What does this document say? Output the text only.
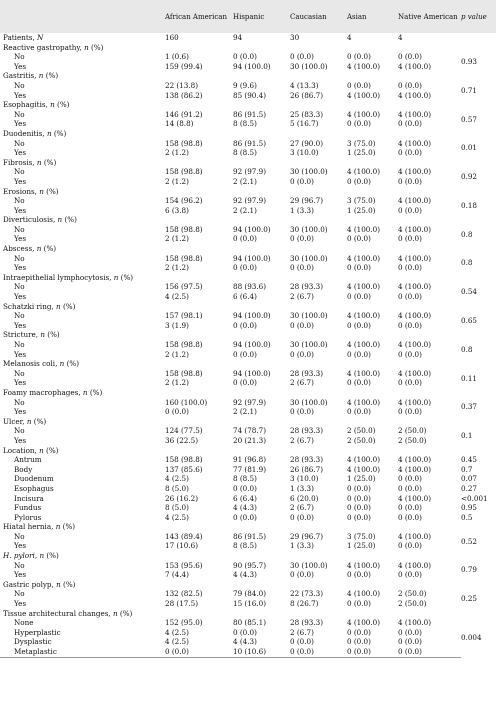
	African American	Hispanic	Caucasian	Asian	Native American	p value
Patients, N	160	94	30	4	4	
Reactive gastropathy, n (%)						
No	1 (0.6)	0 (0.0)	0 (0.0)	0 (0.0)	0 (0.0)	0.93
Yes	159 (99.4)	94 (100.0)	30 (100.0)	4 (100.0)	4 (100.0)	
Gastritis, n (%)						
No	22 (13.8)	9 (9.6)	4 (13.3)	0 (0.0)	0 (0.0)	0.71
Yes	138 (86.2)	85 (90.4)	26 (86.7)	4 (100.0)	4 (100.0)	
Esophagitis, n (%)						
No	146 (91.2)	86 (91.5)	25 (83.3)	4 (100.0)	4 (100.0)	0.57
Yes	14 (8.8)	8 (8.5)	5 (16.7)	0 (0.0)	0 (0.0)	
Duodenitis, n (%)						
No	158 (98.8)	86 (91.5)	27 (90.0)	3 (75.0)	4 (100.0)	0.01
Yes	2 (1.2)	8 (8.5)	3 (10.0)	1 (25.0)	0 (0.0)	
Fibrosis, n (%)						
No	158 (98.8)	92 (97.9)	30 (100.0)	4 (100.0)	4 (100.0)	0.92
Yes	2 (1.2)	2 (2.1)	0 (0.0)	0 (0.0)	0 (0.0)	
Erosions, n (%)						
No	154 (96.2)	92 (97.9)	29 (96.7)	3 (75.0)	4 (100.0)	0.18
Yes	6 (3.8)	2 (2.1)	1 (3.3)	1 (25.0)	0 (0.0)	
Diverticulosis, n (%)						
No	158 (98.8)	94 (100.0)	30 (100.0)	4 (100.0)	4 (100.0)	0.8
Yes	2 (1.2)	0 (0.0)	0 (0.0)	0 (0.0)	0 (0.0)	
Abscess, n (%)						
No	158 (98.8)	94 (100.0)	30 (100.0)	4 (100.0)	4 (100.0)	0.8
Yes	2 (1.2)	0 (0.0)	0 (0.0)	0 (0.0)	0 (0.0)	
Intraepithelial lymphocytosis, n (%)						
No	156 (97.5)	88 (93.6)	28 (93.3)	4 (100.0)	4 (100.0)	0.54
Yes	4 (2.5)	6 (6.4)	2 (6.7)	0 (0.0)	0 (0.0)	
Schatzki ring, n (%)						
No	157 (98.1)	94 (100.0)	30 (100.0)	4 (100.0)	4 (100.0)	0.65
Yes	3 (1.9)	0 (0.0)	0 (0.0)	0 (0.0)	0 (0.0)	
Stricture, n (%)						
No	158 (98.8)	94 (100.0)	30 (100.0)	4 (100.0)	4 (100.0)	0.8
Yes	2 (1.2)	0 (0.0)	0 (0.0)	0 (0.0)	0 (0.0)	
Melanosis coli, n (%)						
No	158 (98.8)	94 (100.0)	28 (93.3)	4 (100.0)	4 (100.0)	0.11
Yes	2 (1.2)	0 (0.0)	2 (6.7)	0 (0.0)	0 (0.0)	
Foamy macrophages, n (%)						
No	160 (100.0)	92 (97.9)	30 (100.0)	4 (100.0)	4 (100.0)	0.37
Yes	0 (0.0)	2 (2.1)	0 (0.0)	0 (0.0)	0 (0.0)	
Ulcer, n (%)						
No	124 (77.5)	74 (78.7)	28 (93.3)	2 (50.0)	2 (50.0)	0.1
Yes	36 (22.5)	20 (21.3)	2 (6.7)	2 (50.0)	2 (50.0)	
Location, n (%)						
Antrum	158 (98.8)	91 (96.8)	28 (93.3)	4 (100.0)	4 (100.0)	0.45
Body	137 (85.6)	77 (81.9)	26 (86.7)	4 (100.0)	4 (100.0)	0.7
Duodenum	4 (2.5)	8 (8.5)	3 (10.0)	1 (25.0)	0 (0.0)	0.07
Esophagus	8 (5.0)	0 (0.0)	1 (3.3)	0 (0.0)	0 (0.0)	0.27
Incisura	26 (16.2)	6 (6.4)	6 (20.0)	0 (0.0)	4 (100.0)	<0.001
Fundus	8 (5.0)	4 (4.3)	2 (6.7)	0 (0.0)	0 (0.0)	0.95
Pylorus	4 (2.5)	0 (0.0)	0 (0.0)	0 (0.0)	0 (0.0)	0.5
Hiatal hernia, n (%)						
No	143 (89.4)	86 (91.5)	29 (96.7)	3 (75.0)	4 (100.0)	0.52
Yes	17 (10.6)	8 (8.5)	1 (3.3)	1 (25.0)	0 (0.0)	
H. pylori, n (%)						
No	153 (95.6)	90 (95.7)	30 (100.0)	4 (100.0)	4 (100.0)	0.79
Yes	7 (4.4)	4 (4.3)	0 (0.0)	0 (0.0)	0 (0.0)	
Gastric polyp, n (%)						
No	132 (82.5)	79 (84.0)	22 (73.3)	4 (100.0)	2 (50.0)	0.25
Yes	28 (17.5)	15 (16.0)	8 (26.7)	0 (0.0)	2 (50.0)	
Tissue architectural changes, n (%)						
None	152 (95.0)	80 (85.1)	28 (93.3)	4 (100.0)	4 (100.0)	0.004
Hyperplastic	4 (2.5)	0 (0.0)	2 (6.7)	0 (0.0)	0 (0.0)	
Dysplastic	4 (2.5)	4 (4.3)	0 (0.0)	0 (0.0)	0 (0.0)	
Metaplastic	0 (0.0)	10 (10.6)	0 (0.0)	0 (0.0)	0 (0.0)	
